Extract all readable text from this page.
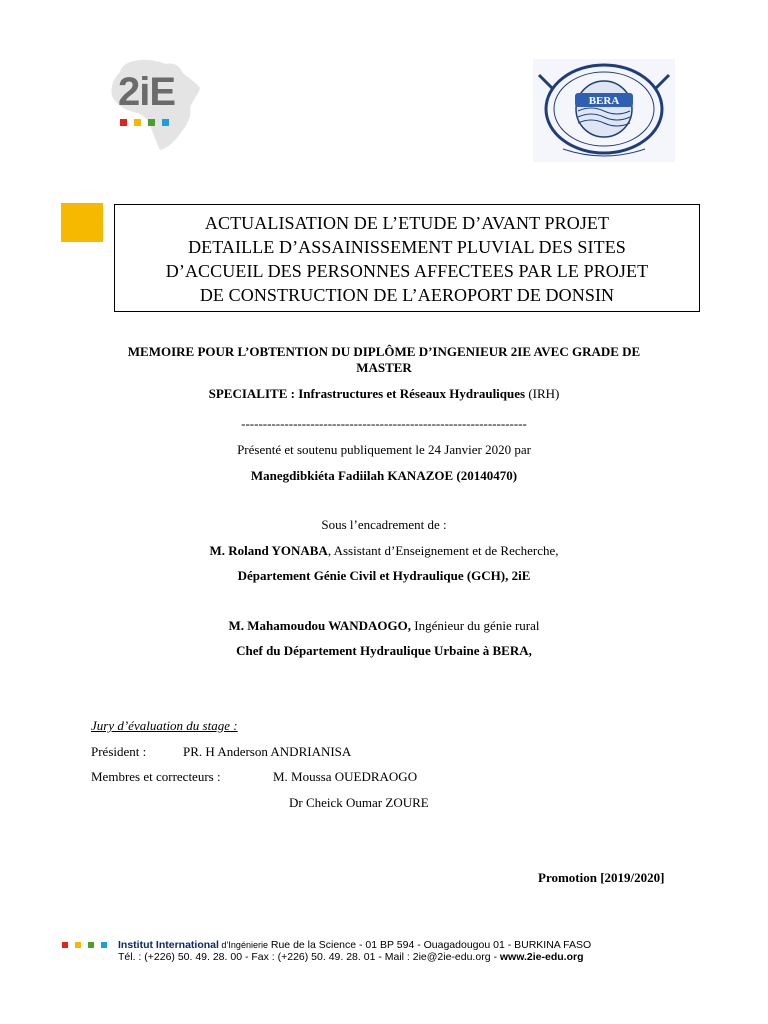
2iE	BERA
ACTUALISATION DE L’ETUDE D’AVANT PROJET
DETAILLE D’ASSAINISSEMENT PLUVIAL DES SITES
D’ACCUEIL DES PERSONNES AFFECTEES PAR LE PROJET
DE CONSTRUCTION DE L’AEROPORT DE DONSIN
MEMOIRE POUR L’OBTENTION DU DIPLÔME D’INGENIEUR 2IE AVEC GRADE DE
MASTER
SPECIALITE : Infrastructures et Réseaux Hydrauliques (IRH)
------------------------------------------------------------------
Présenté et soutenu publiquement le 24 Janvier 2020 par
Manegdibkiéta Fadiilah KANAZOE (20140470)
Sous l’encadrement de :
M. Roland YONABA, Assistant d’Enseignement et de Recherche,
Département Génie Civil et Hydraulique (GCH), 2iE
M. Mahamoudou WANDAOGO, Ingénieur du génie rural
Chef du Département Hydraulique Urbaine à BERA,
Jury d’évaluation du stage :
Président :	PR. H Anderson ANDRIANISA
Membres et correcteurs :	M. Moussa OUEDRAOGO
Dr Cheick Oumar ZOURE
Promotion [2019/2020]
Institut International d’Ingénierie Rue de la Science - 01 BP 594 - Ouagadougou 01 - BURKINA FASO
Tél. : (+226) 50. 49. 28. 00 - Fax : (+226) 50. 49. 28. 01 - Mail : 2ie@2ie-edu.org - www.2ie-edu.org
